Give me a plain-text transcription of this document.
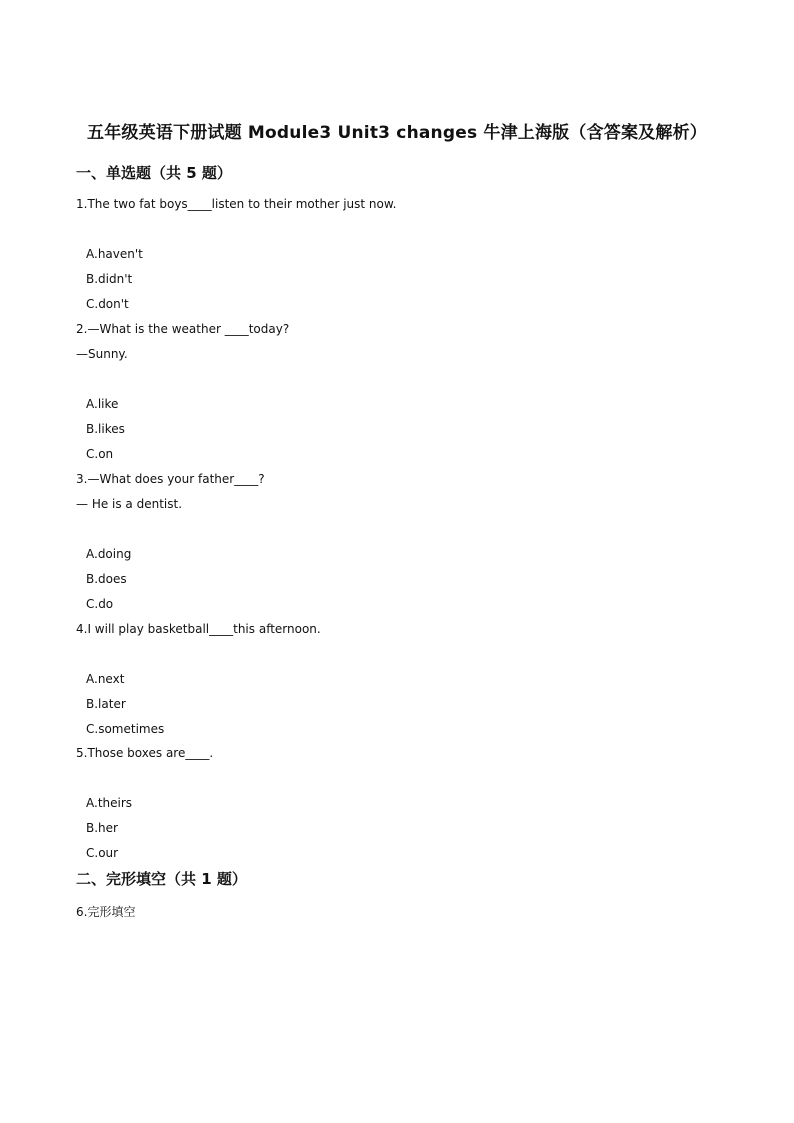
五年级英语下册试题 Module3 Unit3 changes 牛津上海版（含答案及解析）
一、单选题（共 5 题）
1.The two fat boys____listen to their mother just now.
A.haven't
B.didn't
C.don't
2.—What is the weather ____today?
—Sunny.
A.like
B.likes
C.on
3.—What does your father____?
— He is a dentist.
A.doing
B.does
C.do
4.I will play basketball____this afternoon.
A.next
B.later
C.sometimes
5.Those boxes are____.
A.theirs
B.her
C.our
二、完形填空（共 1 题）
6.完形填空
